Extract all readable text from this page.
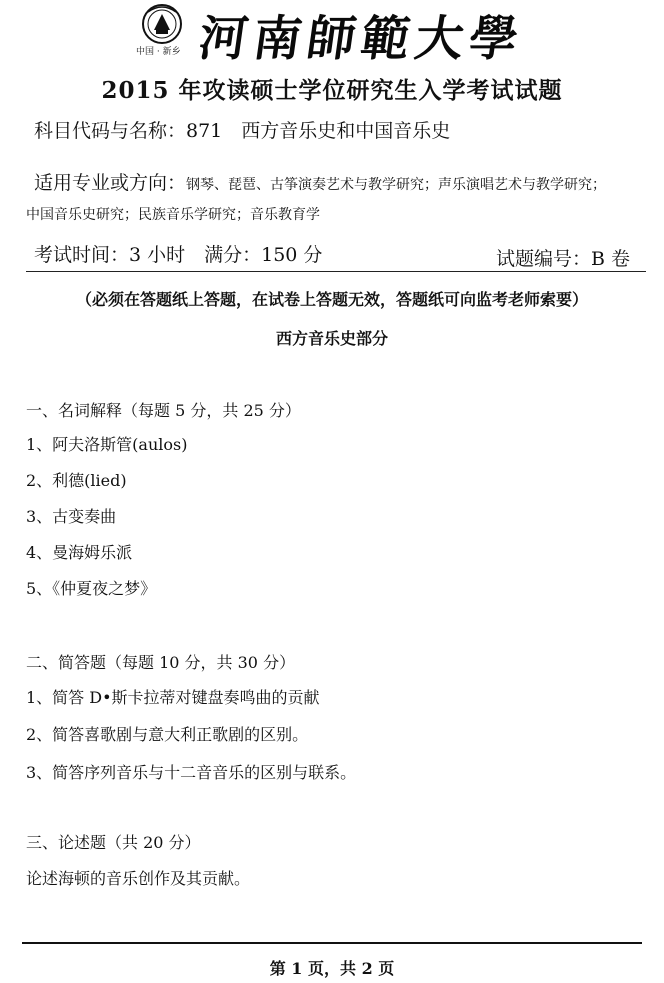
中国 · 新乡 河南師範大學
2015 年攻读硕士学位研究生入学考试试题
科目代码与名称：871　西方音乐史和中国音乐史
适用专业或方向：钢琴、琵琶、古筝演奏艺术与教学研究；声乐演唱艺术与教学研究；
中国音乐史研究；民族音乐学研究；音乐教育学
考试时间：3 小时　满分：150 分	试题编号：B 卷
（必须在答题纸上答题，在试卷上答题无效，答题纸可向监考老师索要）
西方音乐史部分
一、名词解释（每题 5 分，共 25 分）
1、阿夫洛斯管(aulos)
2、利德(lied)
3、古变奏曲
4、曼海姆乐派
5、《仲夏夜之梦》
二、简答题（每题 10 分，共 30 分）
1、简答 D•斯卡拉蒂对键盘奏鸣曲的贡献
2、简答喜歌剧与意大利正歌剧的区别。
3、简答序列音乐与十二音音乐的区别与联系。
三、论述题（共 20 分）
论述海顿的音乐创作及其贡献。
第 1 页，共 2 页
